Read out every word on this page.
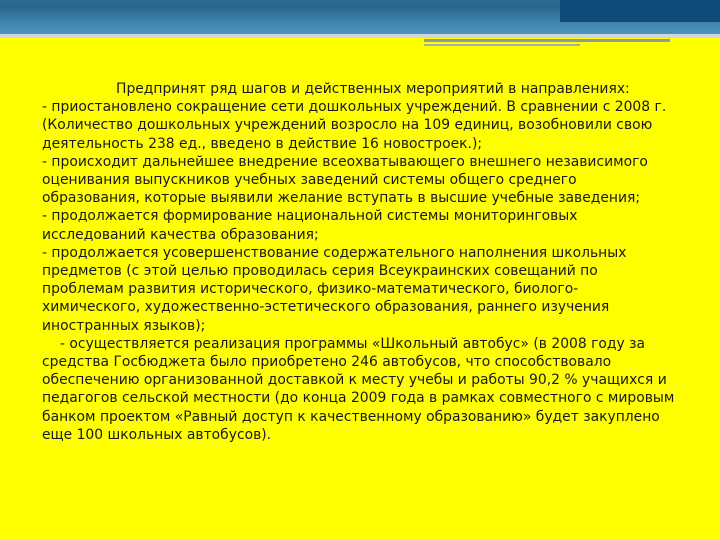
Предпринят ряд шагов и действенных мероприятий в направлениях:

- приостановлено сокращение сети дошкольных учреждений. В сравнении с 2008 г.

(Количество дошкольных учреждений возросло на 109 единиц, возобновили свою

деятельность 238 ед., введено в действие 16 новостроек.);

- происходит дальнейшее внедрение всеохватывающего внешнего независимого

оценивания выпускников учебных заведений системы общего среднего

образования, которые выявили желание вступать в высшие учебные заведения;

- продолжается формирование национальной системы мониторинговых

исследований качества образования;

- продолжается усовершенствование содержательного наполнения школьных

предметов (с этой целью проводилась серия Всеукраинских совещаний по

проблемам развития исторического, физико-математического, биолого-

химического, художественно-эстетического образования, раннего изучения

иностранных языков);

- осуществляется реализация программы «Школьный автобус» (в 2008 году за

средства Госбюджета было приобретено 246 автобусов, что способствовало

обеспечению организованной доставкой к месту учебы и работы 90,2 % учащихся и

педагогов сельской местности (до конца 2009 года в рамках совместного с мировым

банком проектом «Равный доступ к качественному образованию» будет закуплено

еще 100 школьных автобусов).
